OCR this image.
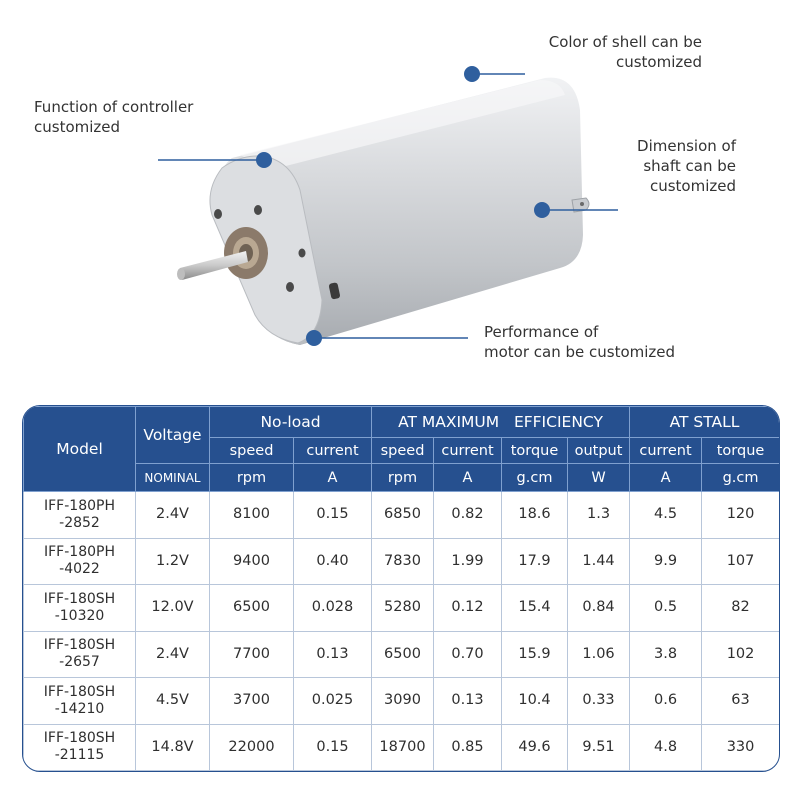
Function of controller
customized
Color of shell can be
customized
Dimension of
shaft can be
customized
Performance of
motor can be customized
Model	Voltage	No-load		AT MAXIMUM EFFICIENCY				AT STALL	
		speed	current	speed	current	torque	output	current	torque
	NOMINAL	rpm	A	rpm	A	g.cm	W	A	g.cm

IFF-180PH
-2852	2.4V	8100	0.15	6850	0.82	18.6	1.3	4.5	120

IFF-180PH
-4022	1.2V	9400	0.40	7830	1.99	17.9	1.44	9.9	107

IFF-180SH
-10320	12.0V	6500	0.028	5280	0.12	15.4	0.84	0.5	82

IFF-180SH
-2657	2.4V	7700	0.13	6500	0.70	15.9	1.06	3.8	102

IFF-180SH
-14210	4.5V	3700	0.025	3090	0.13	10.4	0.33	0.6	63

IFF-180SH
-21115	14.8V	22000	0.15	18700	0.85	49.6	9.51	4.8	330
